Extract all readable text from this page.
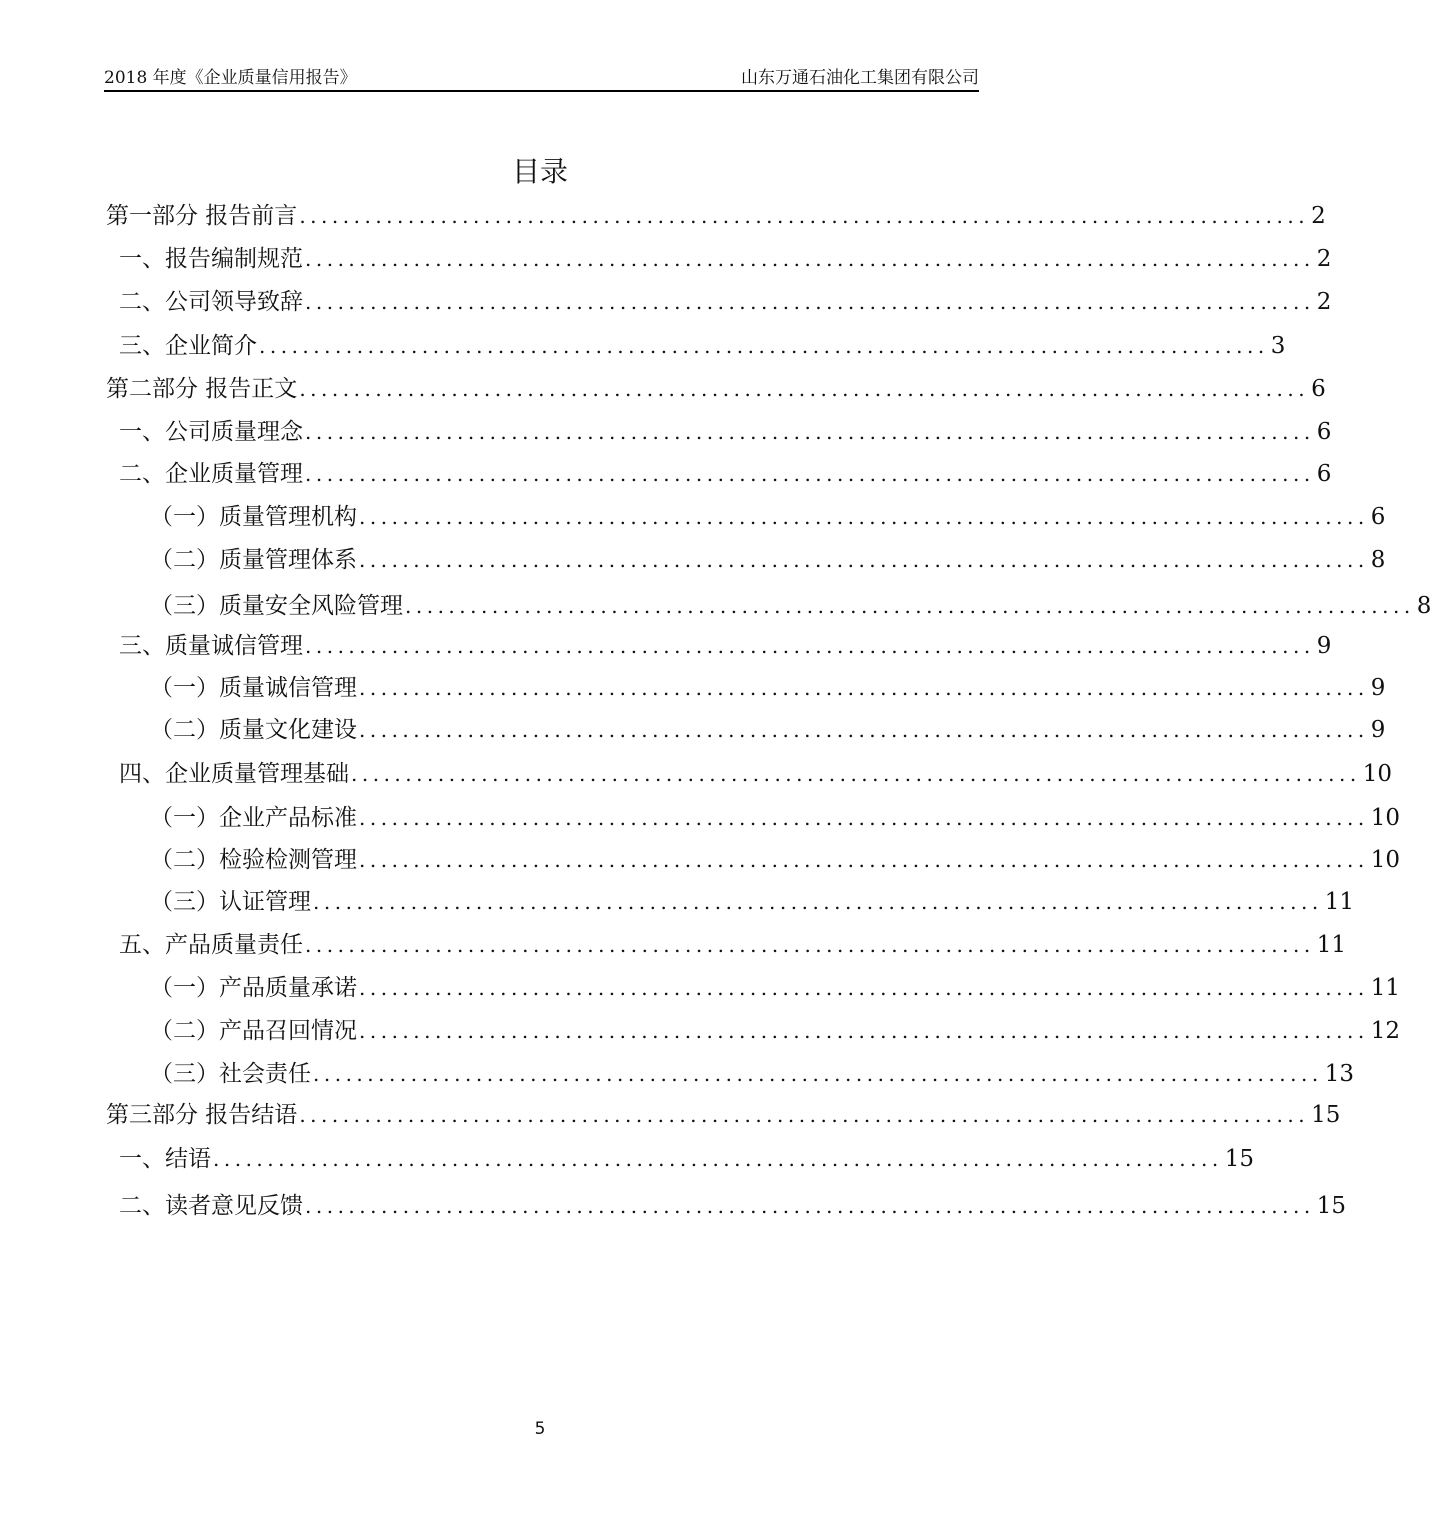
2018 年度《企业质量信用报告》	山东万通石油化工集团有限公司
目录
第一部分 报告前言 ............................................................................................. 2
一、报告编制规范 ............................................................................................. 2
二、公司领导致辞 ............................................................................................. 2
三、企业简介 ............................................................................................. 3
第二部分 报告正文 ............................................................................................. 6
一、公司质量理念 ............................................................................................. 6
二、企业质量管理 ............................................................................................. 6
（一）质量管理机构 ............................................................................................. 6
（二）质量管理体系 ............................................................................................. 8
（三）质量安全风险管理 ............................................................................................. 8
三、质量诚信管理 ............................................................................................. 9
（一）质量诚信管理 ............................................................................................. 9
（二）质量文化建设 ............................................................................................. 9
四、企业质量管理基础 ............................................................................................. 10
（一）企业产品标准 ............................................................................................. 10
（二）检验检测管理 ............................................................................................. 10
（三）认证管理 ............................................................................................. 11
五、产品质量责任 ............................................................................................. 11
（一）产品质量承诺 ............................................................................................. 11
（二）产品召回情况 ............................................................................................. 12
（三）社会责任 ............................................................................................. 13
第三部分 报告结语 ............................................................................................. 15
一、结语 ............................................................................................. 15
二、读者意见反馈 ............................................................................................. 15
5
